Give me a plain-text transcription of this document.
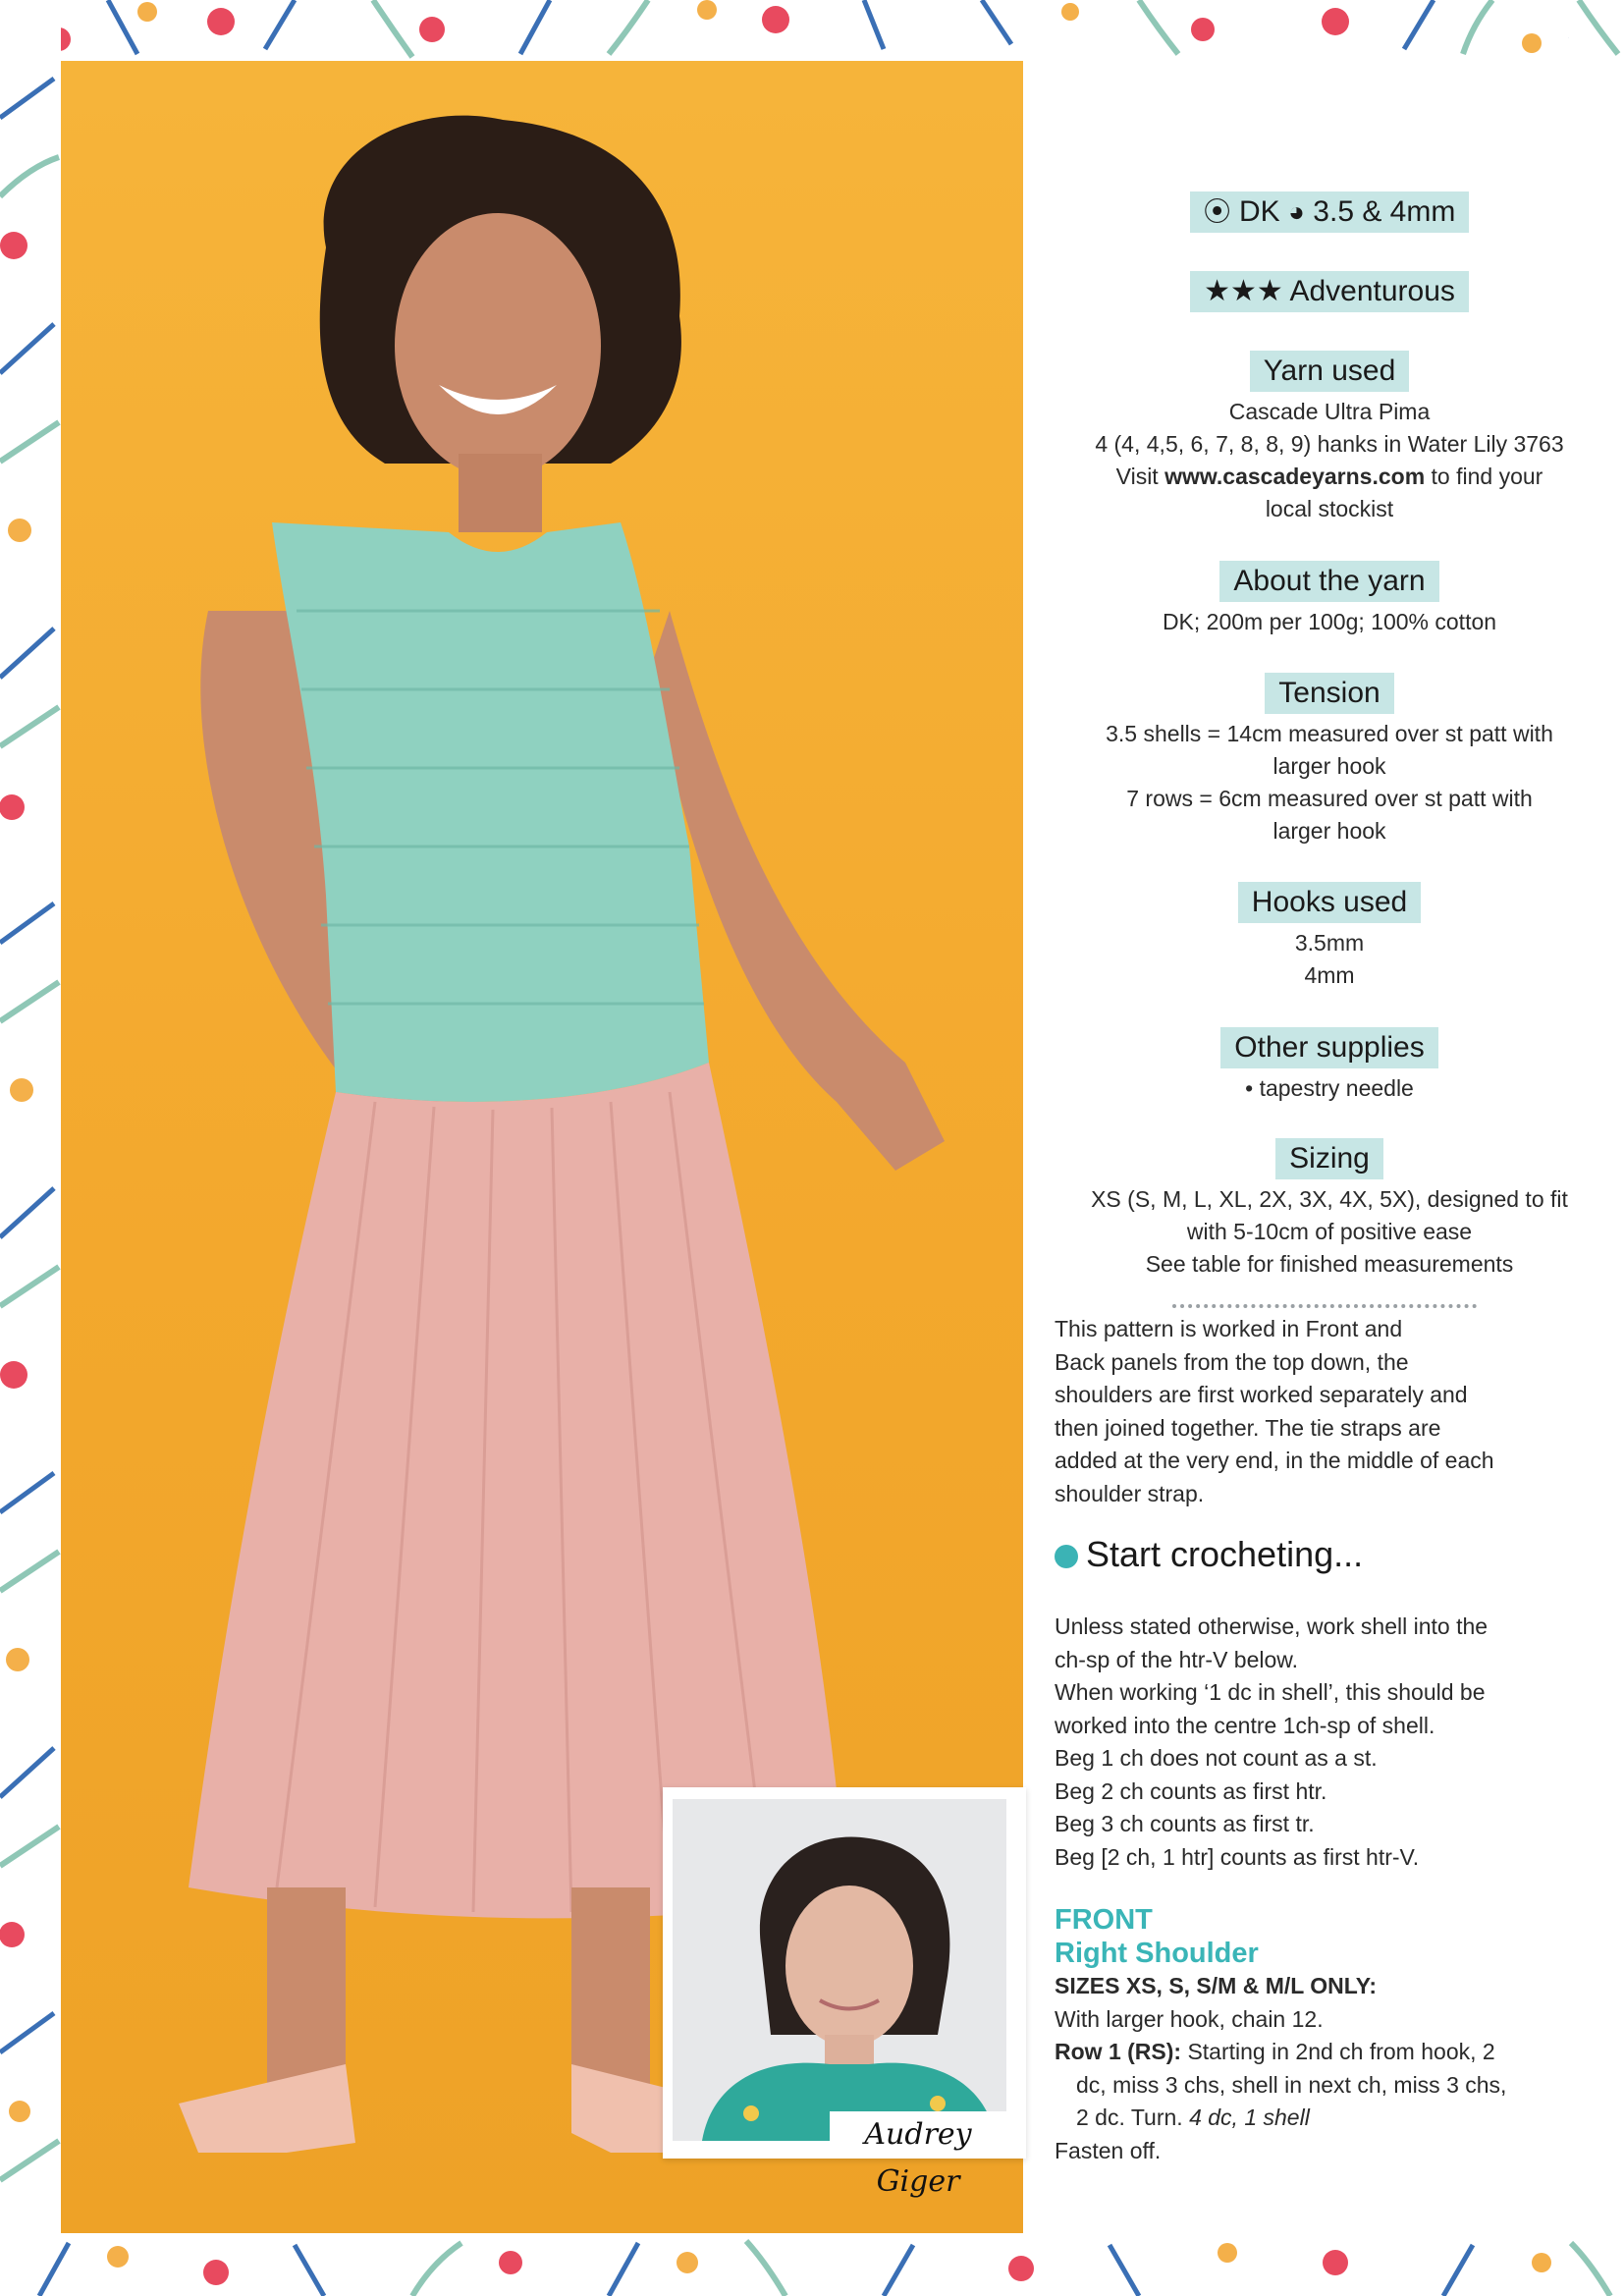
Audrey Giger
⦿ DK ◕ 3.5 & 4mm
★★★ Adventurous
Yarn used
Cascade Ultra Pima
4 (4, 4,5, 6, 7, 8, 8, 9) hanks in Water Lily 3763
Visit www.cascadeyarns.com to find your
local stockist
About the yarn
DK; 200m per 100g; 100% cotton
Tension
3.5 shells = 14cm measured over st patt with
larger hook
7 rows = 6cm measured over st patt with
larger hook
Hooks used
3.5mm
4mm
Other supplies
• tapestry needle
Sizing
XS (S, M, L, XL, 2X, 3X, 4X, 5X), designed to fit
with 5-10cm of positive ease
See table for finished measurements
This pattern is worked in Front and
Back panels from the top down, the
shoulders are first worked separately and
then joined together. The tie straps are
added at the very end, in the middle of each
shoulder strap.
Start crocheting...
Unless stated otherwise, work shell into the
ch-sp of the htr-V below.
When working ‘1 dc in shell’, this should be
worked into the centre 1ch-sp of shell.
Beg 1 ch does not count as a st.
Beg 2 ch counts as first htr.
Beg 3 ch counts as first tr.
Beg [2 ch, 1 htr] counts as first htr-V.
FRONT
Right Shoulder
SIZES XS, S, S/M & M/L ONLY:
With larger hook, chain 12.
Row 1 (RS): Starting in 2nd ch from hook, 2
dc, miss 3 chs, shell in next ch, miss 3 chs,
2 dc. Turn. 4 dc, 1 shell
Fasten off.
